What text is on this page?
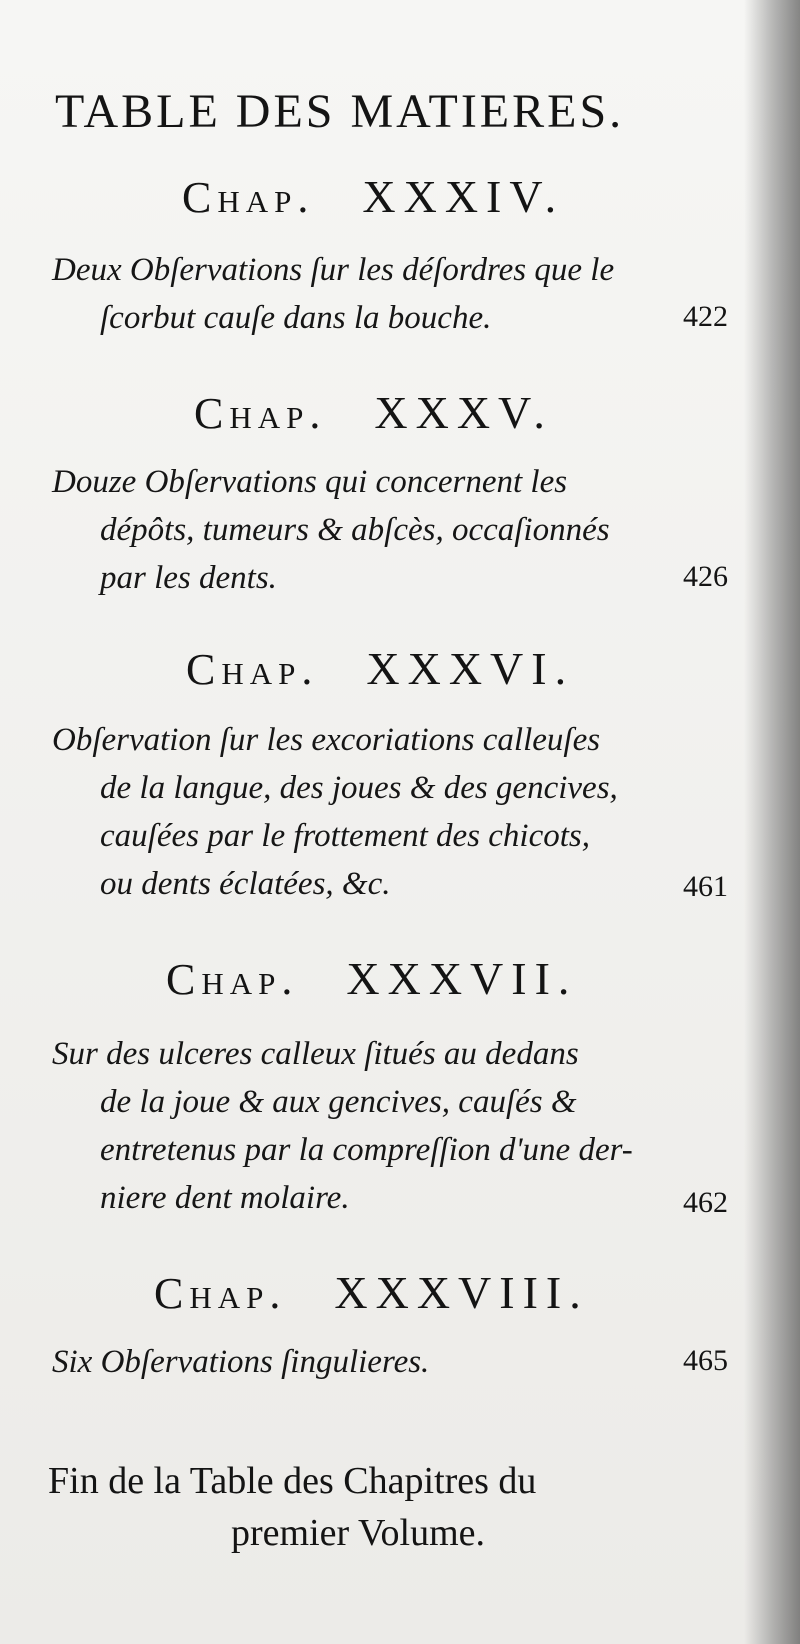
TABLE DES MATIERES.
Chap. XXXIV.
Deux Obſervations ſur les déſordres que le
ſcorbut cauſe dans la bouche.	422
Chap. XXXV.
Douze Obſervations qui concernent les
dépôts, tumeurs & abſcès, occaſionnés
par les dents.	426
Chap. XXXVI.
Obſervation ſur les excoriations calleuſes
de la langue, des joues & des gencives,
cauſées par le frottement des chicots,
ou dents éclatées, &c.	461
Chap. XXXVII.
Sur des ulceres calleux ſitués au dedans
de la joue & aux gencives, cauſés &
entretenus par la compreſſion d'une der-
niere dent molaire.	462
Chap. XXXVIII.
Six Obſervations ſingulieres.	465
Fin de la Table des Chapitres du
premier Volume.
